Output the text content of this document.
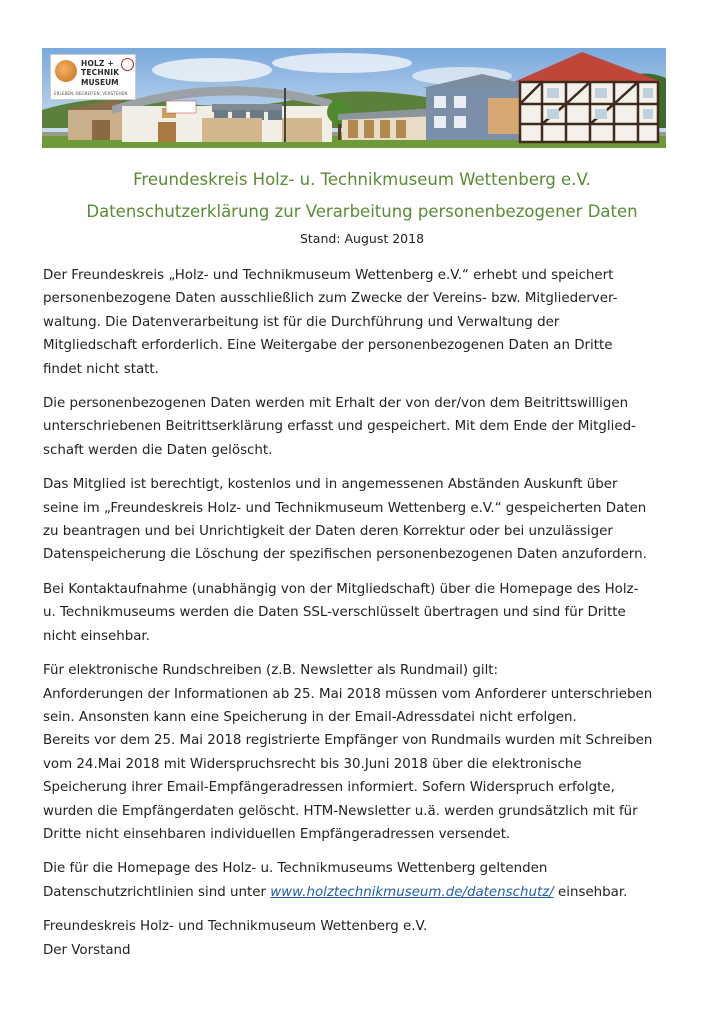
HOLZ +
TECHNIK
MUSEUM
ERLEBEN, BEGREIFEN, VERSTEHEN
Freundeskreis Holz- u. Technikmuseum Wettenberg e.V.
Datenschutzerklärung zur Verarbeitung personenbezogener Daten
Stand: August 2018

Der Freundeskreis „Holz- und Technikmuseum Wettenberg e.V.“ erhebt und speichert
personenbezogene Daten ausschließlich zum Zwecke der Vereins- bzw. Mitgliederver-
waltung. Die Datenverarbeitung ist für die Durchführung und Verwaltung der
Mitgliedschaft erforderlich. Eine Weitergabe der personenbezogenen Daten an Dritte
findet nicht statt.

Die personenbezogenen Daten werden mit Erhalt der von der/von dem Beitrittswilligen
unterschriebenen Beitrittserklärung erfasst und gespeichert. Mit dem Ende der Mitglied-
schaft werden die Daten gelöscht.

Das Mitglied ist berechtigt, kostenlos und in angemessenen Abständen Auskunft über
seine im „Freundeskreis Holz- und Technikmuseum Wettenberg e.V.“ gespeicherten Daten
zu beantragen und bei Unrichtigkeit der Daten deren Korrektur oder bei unzulässiger
Datenspeicherung die Löschung der spezifischen personenbezogenen Daten anzufordern.

Bei Kontaktaufnahme (unabhängig von der Mitgliedschaft) über die Homepage des Holz-
u. Technikmuseums werden die Daten SSL-verschlüsselt übertragen und sind für Dritte
nicht einsehbar.

Für elektronische Rundschreiben (z.B. Newsletter als Rundmail) gilt:
Anforderungen der Informationen ab 25. Mai 2018 müssen vom Anforderer unterschrieben
sein. Ansonsten kann eine Speicherung in der Email-Adressdatei nicht erfolgen.
Bereits vor dem 25. Mai 2018 registrierte Empfänger von Rundmails wurden mit Schreiben
vom 24.Mai 2018 mit Widerspruchsrecht bis 30.Juni 2018 über die elektronische
Speicherung ihrer Email-Empfängeradressen informiert. Sofern Widerspruch erfolgte,
wurden die Empfängerdaten gelöscht. HTM-Newsletter u.ä. werden grundsätzlich mit für
Dritte nicht einsehbaren individuellen Empfängeradressen versendet.

Die für die Homepage des Holz- u. Technikmuseums Wettenberg geltenden
Datenschutzrichtlinien sind unter www.holztechnikmuseum.de/datenschutz/ einsehbar.

Freundeskreis Holz- und Technikmuseum Wettenberg e.V.
Der Vorstand
